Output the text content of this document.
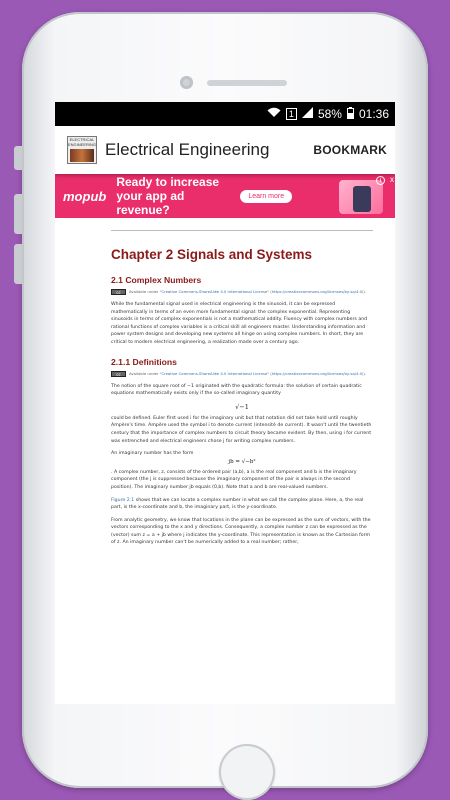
1 58% 01:36
ELECTRICAL ENGINEERING Electrical Engineering	BOOKMARK
mopub
Ready to increase your app ad revenue?
Learn more
i	x
Chapter 2 Signals and Systems
2.1 Complex Numbers
cc	Available under "Creative Commons-ShareAlike 4.0 International License" (https://creativecommons.org/licenses/by-sa/4.0/).

While the fundamental signal used in electrical engineering is the sinusoid, it can be expressed mathematically in terms of an even more fundamental signal: the complex exponential. Representing sinusoids in terms of complex exponentials is not a mathematical oddity. Fluency with complex numbers and rational functions of complex variables is a critical skill all engineers master. Understanding information and power system designs and developing new systems all hinge on using complex numbers. In short, they are critical to modern electrical engineering, a realization made over a century ago.

2.1.1 Definitions
cc	Available under "Creative Commons-ShareAlike 4.0 International License" (https://creativecommons.org/licenses/by-sa/4.0/).

The notion of the square root of −1 originated with the quadratic formula: the solution of certain quadratic equations mathematically exists only if the so-called imaginary quantity

√−1

could be defined. Euler first used i for the imaginary unit but that notation did not take hold until roughly Ampère's time. Ampère used the symbol i to denote current (intensité de current). It wasn't until the twentieth century that the importance of complex numbers to circuit theory became evident. By then, using i for current was entrenched and electrical engineers chose j for writing complex numbers.

An imaginary number has the form

jb = √−b²

. A complex number, z, consists of the ordered pair (a,b), a is the real component and b is the imaginary component (the j is suppressed because the imaginary component of the pair is always in the second position). The imaginary number jb equals (0,b). Note that a and b are real-valued numbers.

Figure 2.1 shows that we can locate a complex number in what we call the complex plane. Here, a, the real part, is the x-coordinate and b, the imaginary part, is the y-coordinate.

From analytic geometry, we know that locations in the plane can be expressed as the sum of vectors, with the vectors corresponding to the x and y directions. Consequently, a complex number z can be expressed as the (vector) sum z = a + jb where j indicates the y-coordinate. This representation is known as the Cartesian form of z. An imaginary number can't be numerically added to a real number; rather,
